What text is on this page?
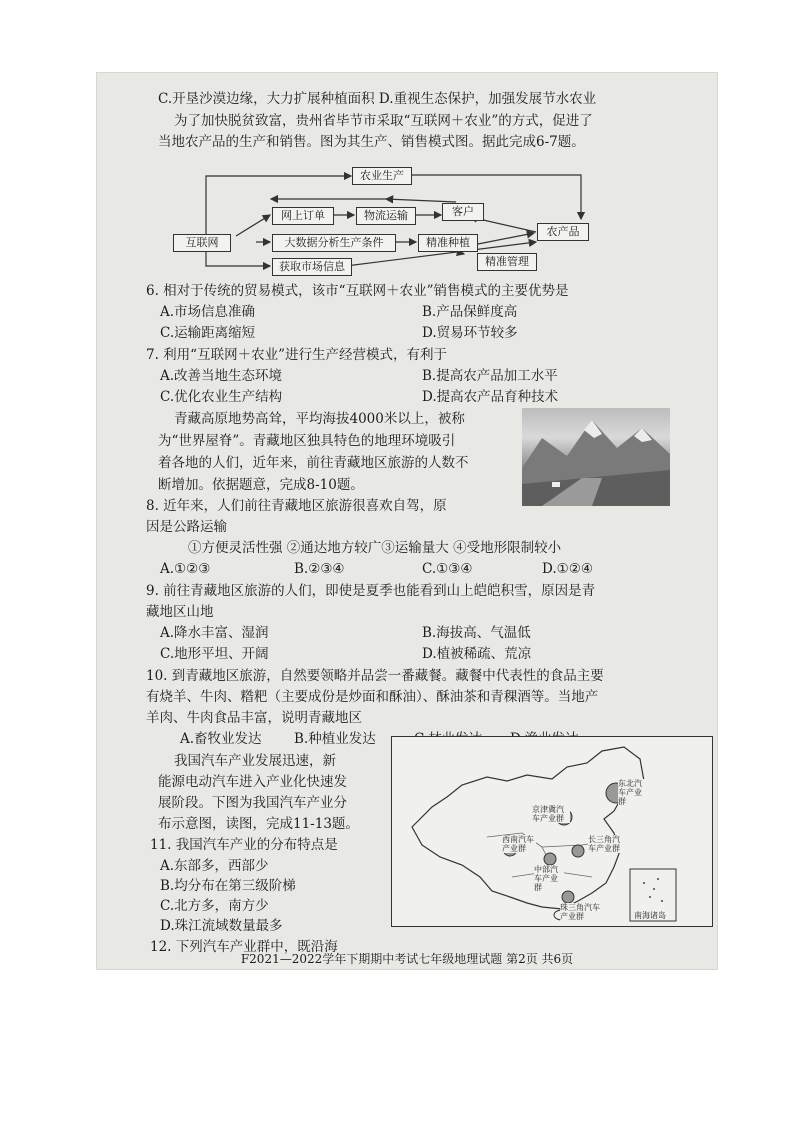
C.开垦沙漠边缘，大力扩展种植面积 D.重视生态保护，加强发展节水农业
为了加快脱贫致富，贵州省毕节市采取“互联网＋农业”的方式，促进了
当地农产品的生产和销售。图为其生产、销售模式图。据此完成6-7题。
互联网
农业生产
网上订单	物流运输	客户
大数据分析生产条件	精准种植
农产品
获取市场信息	精准管理
6. 相对于传统的贸易模式，该市“互联网＋农业”销售模式的主要优势是
A.市场信息准确	B.产品保鲜度高
C.运输距离缩短	D.贸易环节较多
7. 利用“互联网＋农业”进行生产经营模式，有利于
A.改善当地生态环境	B.提高农产品加工水平
C.优化农业生产结构	D.提高农产品育种技术
青藏高原地势高耸，平均海拔4000米以上，被称
为“世界屋脊”。青藏地区独具特色的地理环境吸引
着各地的人们，近年来，前往青藏地区旅游的人数不
断增加。依据题意，完成8-10题。
8. 近年来，人们前往青藏地区旅游很喜欢自驾，原
因是公路运输
①方便灵活性强 ②通达地方较广③运输量大 ④受地形限制较小
A.①②③	B.②③④	C.①③④	D.①②④
9. 前往青藏地区旅游的人们，即使是夏季也能看到山上皑皑积雪，原因是青
藏地区山地
A.降水丰富、湿润	B.海拔高、气温低
C.地形平坦、开阔	D.植被稀疏、荒凉
10. 到青藏地区旅游，自然要领略并品尝一番藏餐。藏餐中代表性的食品主要
有烧羊、牛肉、糌粑（主要成份是炒面和酥油）、酥油茶和青稞酒等。当地产
羊肉、牛肉食品丰富，说明青藏地区
A.畜牧业发达 B.种植业发达
我国汽车产业发展迅速，新
能源电动汽车进入产业化快速发
展阶段。下图为我国汽车产业分
布示意图，读图，完成11-13题。
11. 我国汽车产业的分布特点是
A.东部多，西部少
B.均分布在第三级阶梯
C.北方多，南方少
D.珠江流域数量最多
12. 下列汽车产业群中，既沿海
东北汽车产业群
京津冀汽车产业群
西南汽车产业群
中部汽车产业群
长三角汽车产业群
珠三角汽车产业群	南海诸岛
F2021—2022学年下期期中考试七年级地理试题 第2页 共6页
